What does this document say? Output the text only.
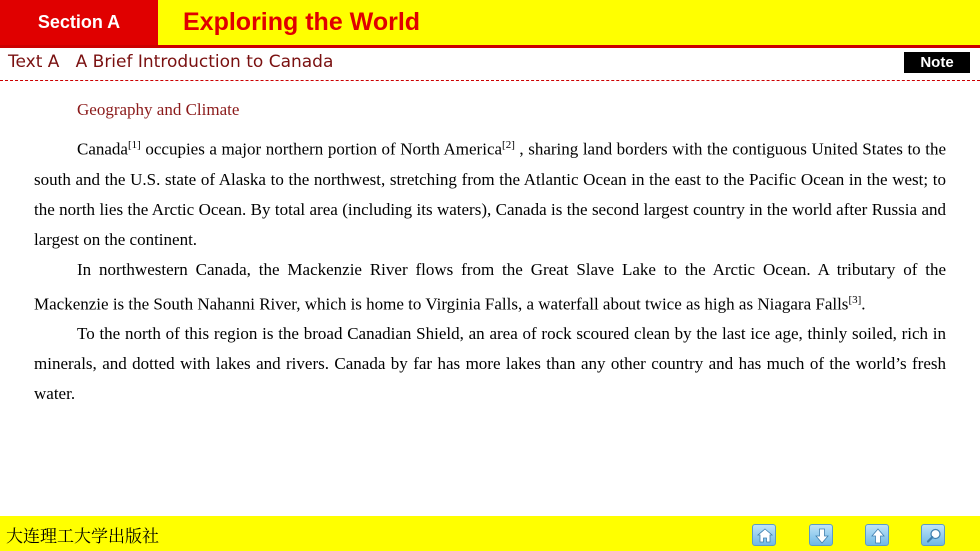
Section A	Exploring the World
Text A   A Brief Introduction to Canada	Note
Geography and Climate

Canada[1] occupies a major northern portion of North America[2] , sharing land borders with the contiguous United States to the south and the U.S. state of Alaska to the northwest, stretching from the Atlantic Ocean in the east to the Pacific Ocean in the west; to the north lies the Arctic Ocean. By total area (including its waters), Canada is the second largest country in the world after Russia and largest on the continent.

In northwestern Canada, the Mackenzie River flows from the Great Slave Lake to the Arctic Ocean. A tributary of the Mackenzie is the South Nahanni River, which is home to Virginia Falls, a waterfall about twice as high as Niagara Falls[3].

To the north of this region is the broad Canadian Shield, an area of rock scoured clean by the last ice age, thinly soiled, rich in minerals, and dotted with lakes and rivers. Canada by far has more lakes than any other country and has much of the world’s fresh water.

大连理工大学出版社
